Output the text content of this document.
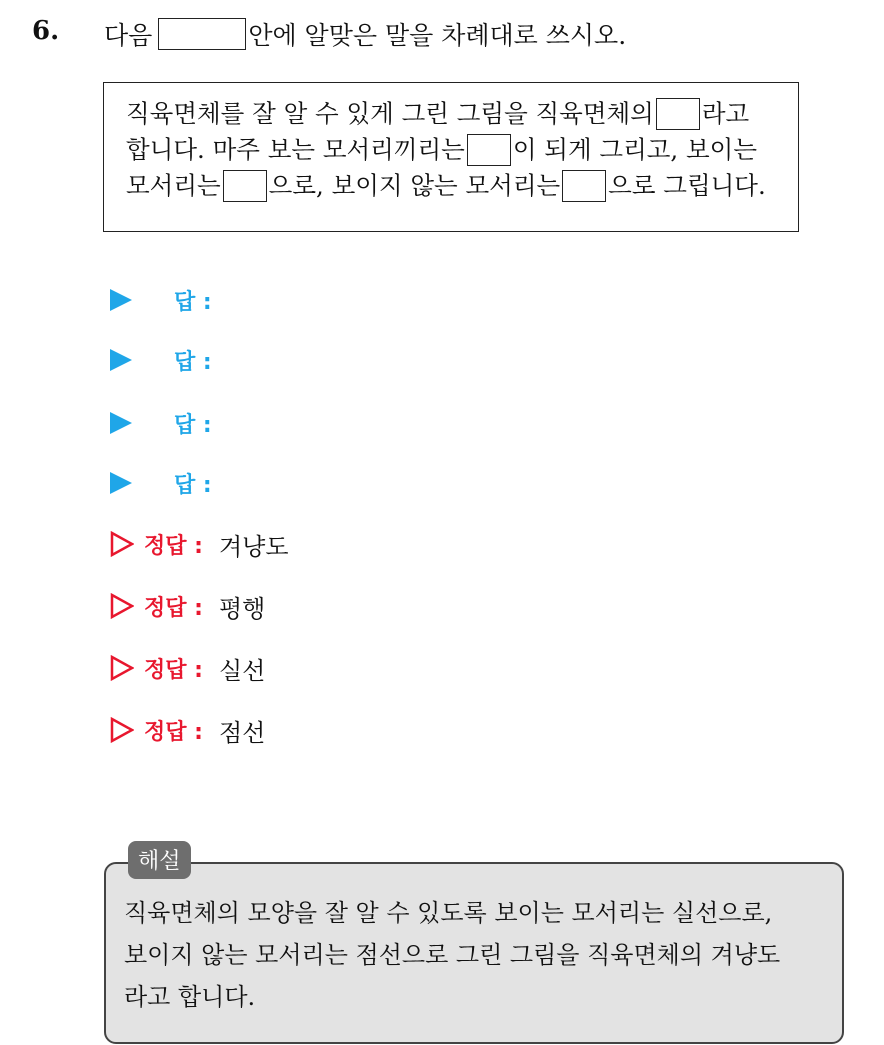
6. 다음	안에 알맞은 말을 차례대로 쓰시오.
직육면체를 잘 알 수 있게 그린 그림을 직육면체의 라고
합니다. 마주 보는 모서리끼리는 이 되게 그리고, 보이는
모서리는 으로, 보이지 않는 모서리는 으로 그립니다.
답 :
답 :
답 :
답 :
정답 : 겨냥도
정답 : 평행
정답 : 실선
정답 : 점선
직육면체의 모양을 잘 알 수 있도록 보이는 모서리는 실선으로,
보이지 않는 모서리는 점선으로 그린 그림을 직육면체의 겨냥도
라고 합니다.
해설
